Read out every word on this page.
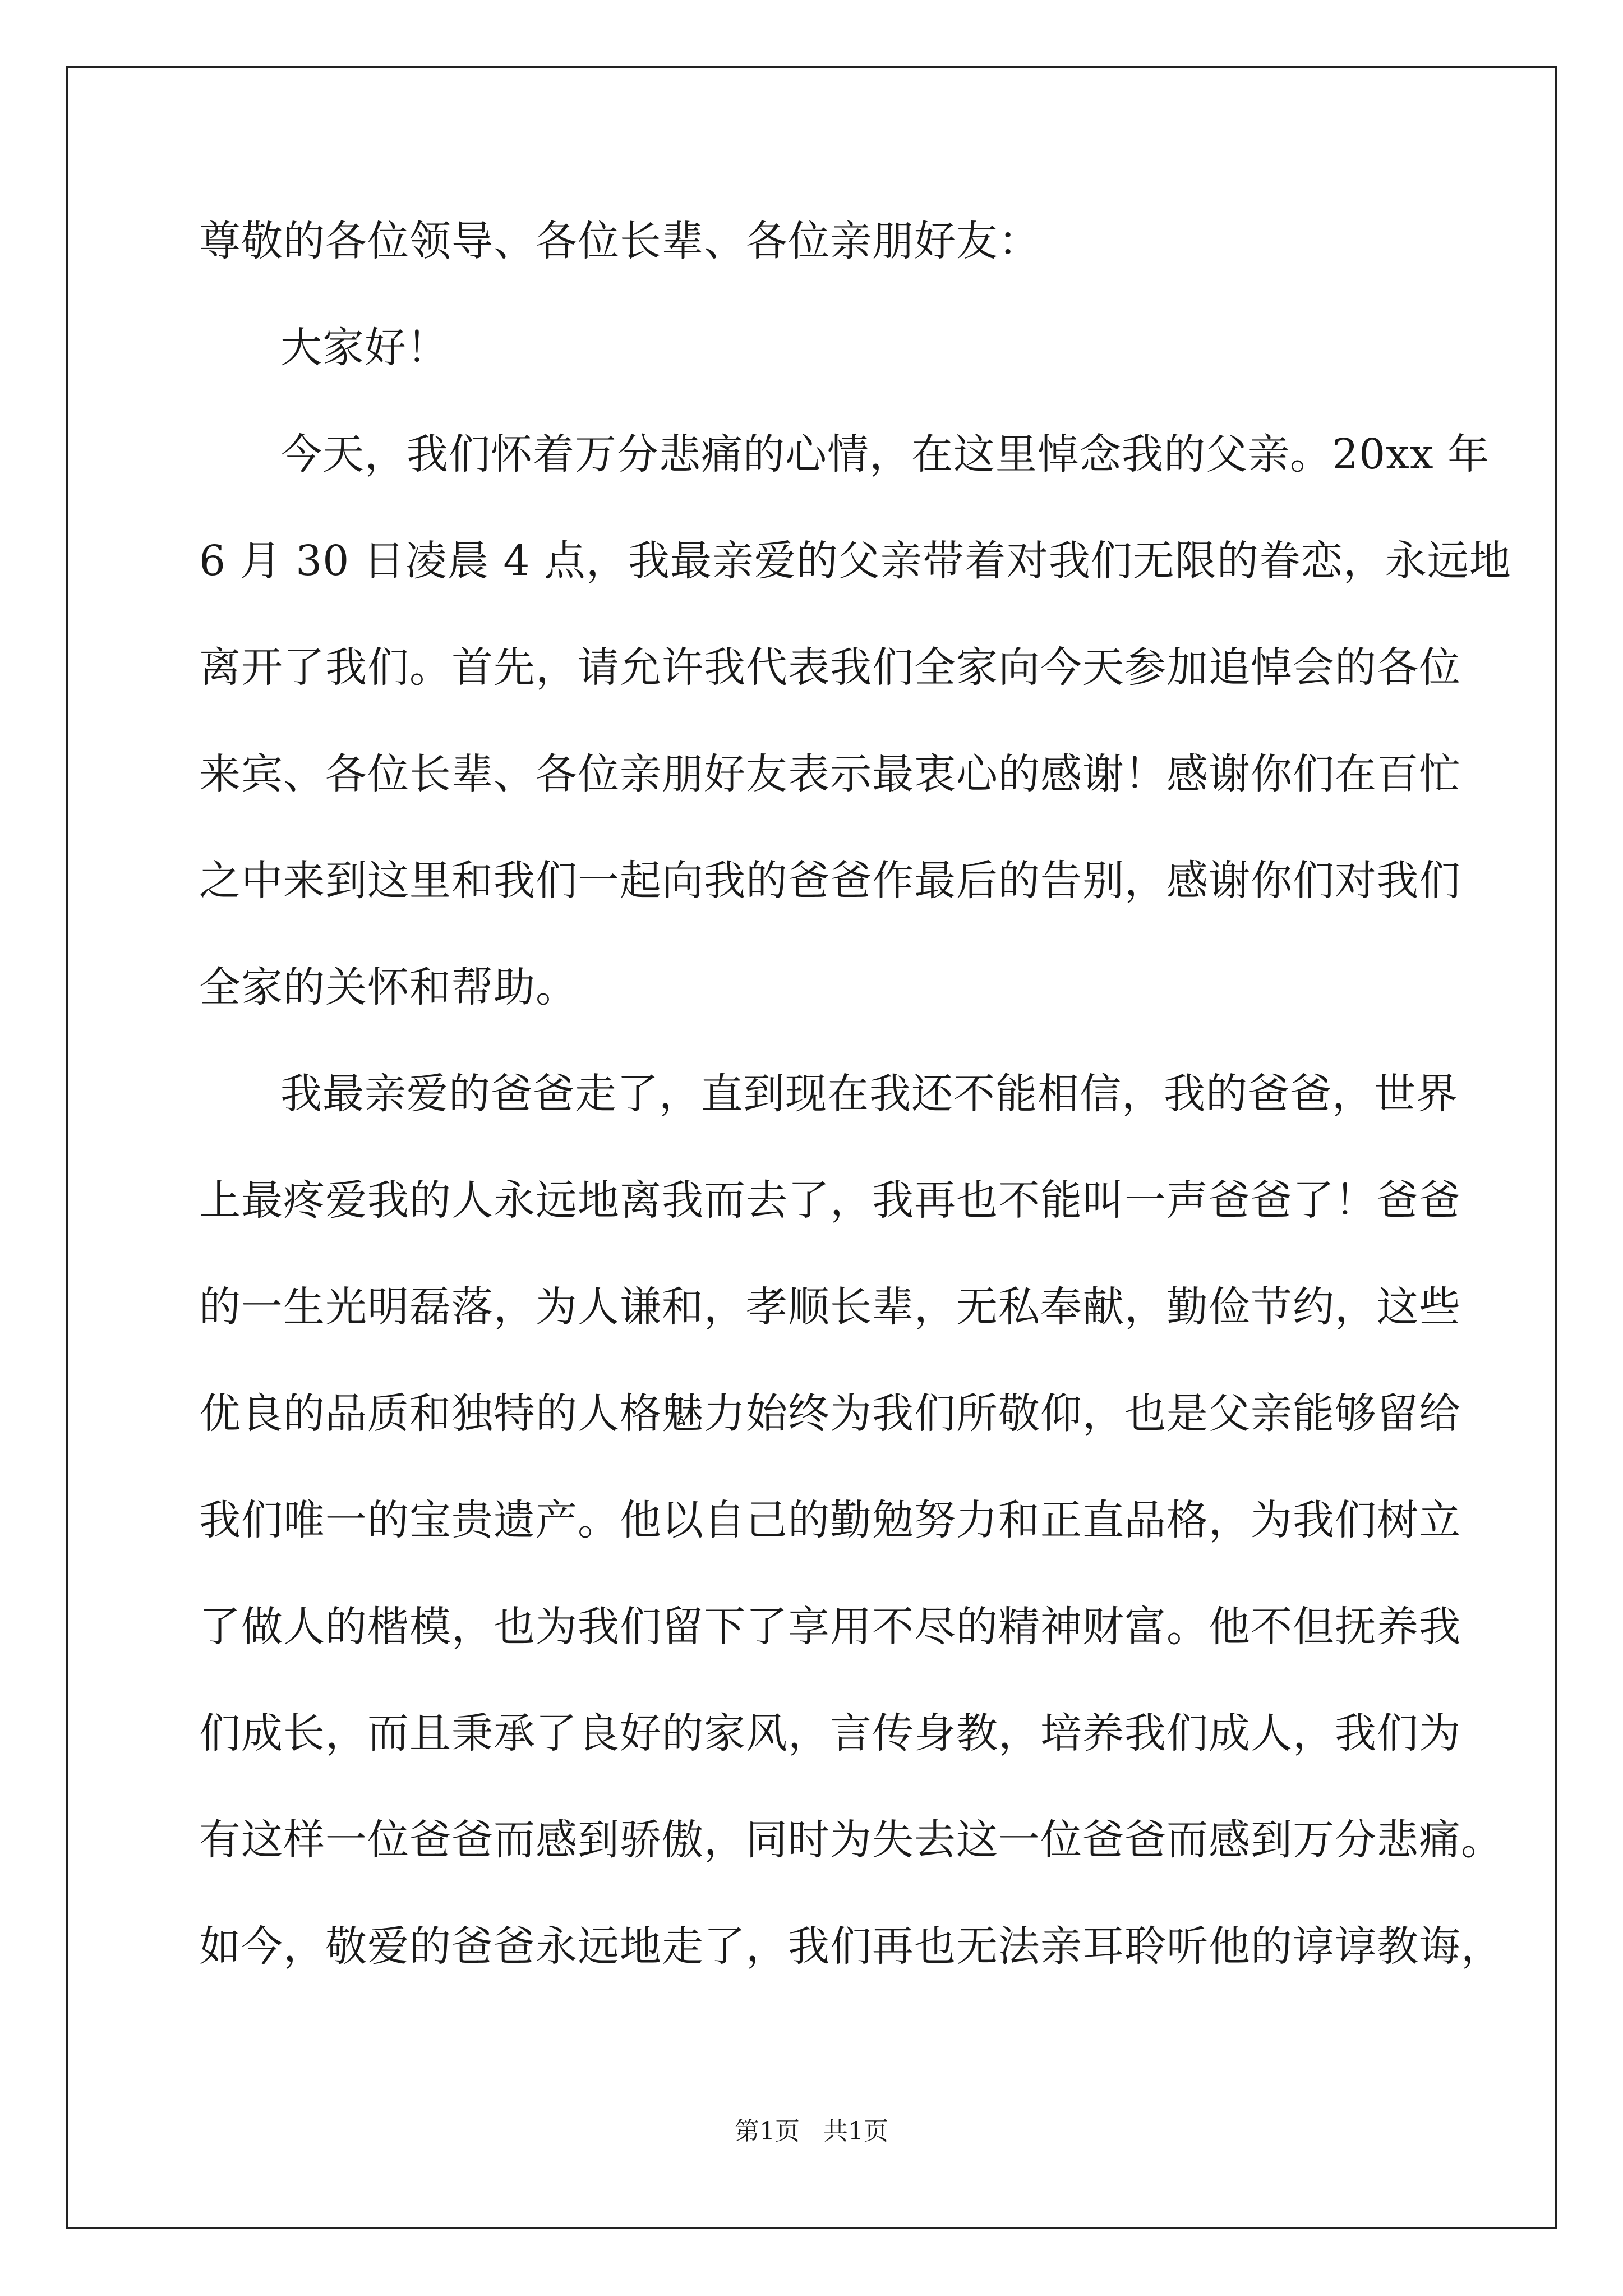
尊敬的各位领导、各位长辈、各位亲朋好友：
大家好！
今天，我们怀着万分悲痛的心情，在这里悼念我的父亲。20xx 年
6 月 30 日凌晨 4 点，我最亲爱的父亲带着对我们无限的眷恋，永远地
离开了我们。首先，请允许我代表我们全家向今天参加追悼会的各位
来宾、各位长辈、各位亲朋好友表示最衷心的感谢！感谢你们在百忙
之中来到这里和我们一起向我的爸爸作最后的告别，感谢你们对我们
全家的关怀和帮助。
我最亲爱的爸爸走了，直到现在我还不能相信，我的爸爸，世界
上最疼爱我的人永远地离我而去了，我再也不能叫一声爸爸了！爸爸
的一生光明磊落，为人谦和，孝顺长辈，无私奉献，勤俭节约，这些
优良的品质和独特的人格魅力始终为我们所敬仰，也是父亲能够留给
我们唯一的宝贵遗产。他以自己的勤勉努力和正直品格，为我们树立
了做人的楷模，也为我们留下了享用不尽的精神财富。他不但抚养我
们成长，而且秉承了良好的家风，言传身教，培养我们成人，我们为
有这样一位爸爸而感到骄傲，同时为失去这一位爸爸而感到万分悲痛。
如今，敬爱的爸爸永远地走了，我们再也无法亲耳聆听他的谆谆教诲，
第1页   共1页
